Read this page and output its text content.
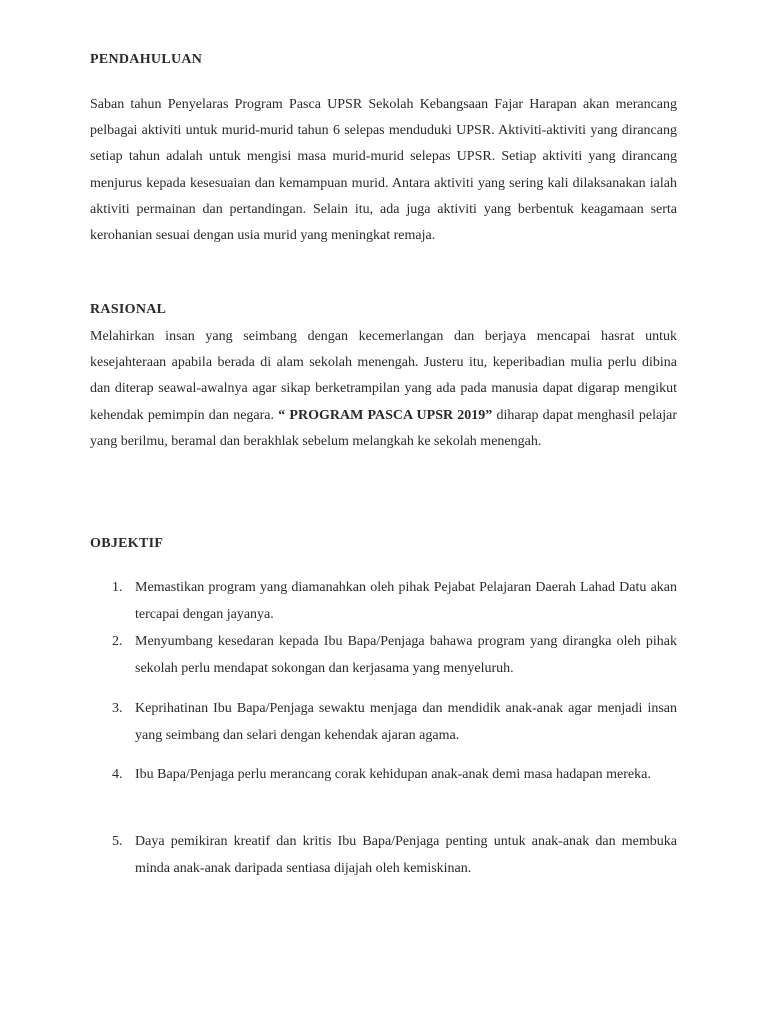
PENDAHULUAN

Saban tahun Penyelaras Program Pasca UPSR Sekolah Kebangsaan Fajar Harapan akan merancang pelbagai aktiviti untuk murid-murid tahun 6 selepas menduduki UPSR. Aktiviti-aktiviti yang dirancang setiap tahun adalah untuk mengisi masa murid-murid selepas UPSR. Setiap aktiviti yang dirancang menjurus kepada kesesuaian dan kemampuan murid. Antara aktiviti yang sering kali dilaksanakan ialah aktiviti permainan dan pertandingan. Selain itu, ada juga aktiviti yang berbentuk keagamaan serta kerohanian sesuai dengan usia murid yang meningkat remaja.

RASIONAL

Melahirkan insan yang seimbang dengan kecemerlangan dan berjaya mencapai hasrat untuk kesejahteraan apabila berada di alam sekolah menengah. Justeru itu, keperibadian mulia perlu dibina dan diterap seawal-awalnya agar sikap berketrampilan yang ada pada manusia dapat digarap mengikut kehendak pemimpin dan negara. “ PROGRAM PASCA UPSR 2019” diharap dapat menghasil pelajar yang berilmu, beramal dan berakhlak sebelum melangkah ke sekolah menengah.

OBJEKTIF
1. Memastikan program yang diamanahkan oleh pihak Pejabat Pelajaran Daerah Lahad Datu akan tercapai dengan jayanya.
2. Menyumbang kesedaran kepada Ibu Bapa/Penjaga bahawa program yang dirangka oleh pihak sekolah perlu mendapat sokongan dan kerjasama yang menyeluruh.
3. Keprihatinan Ibu Bapa/Penjaga sewaktu menjaga dan mendidik anak-anak agar menjadi insan yang seimbang dan selari dengan kehendak ajaran agama.
4. Ibu Bapa/Penjaga perlu merancang corak kehidupan anak-anak demi masa hadapan mereka.
5. Daya pemikiran kreatif dan kritis Ibu Bapa/Penjaga penting untuk anak-anak dan membuka minda anak-anak daripada sentiasa dijajah oleh kemiskinan.
